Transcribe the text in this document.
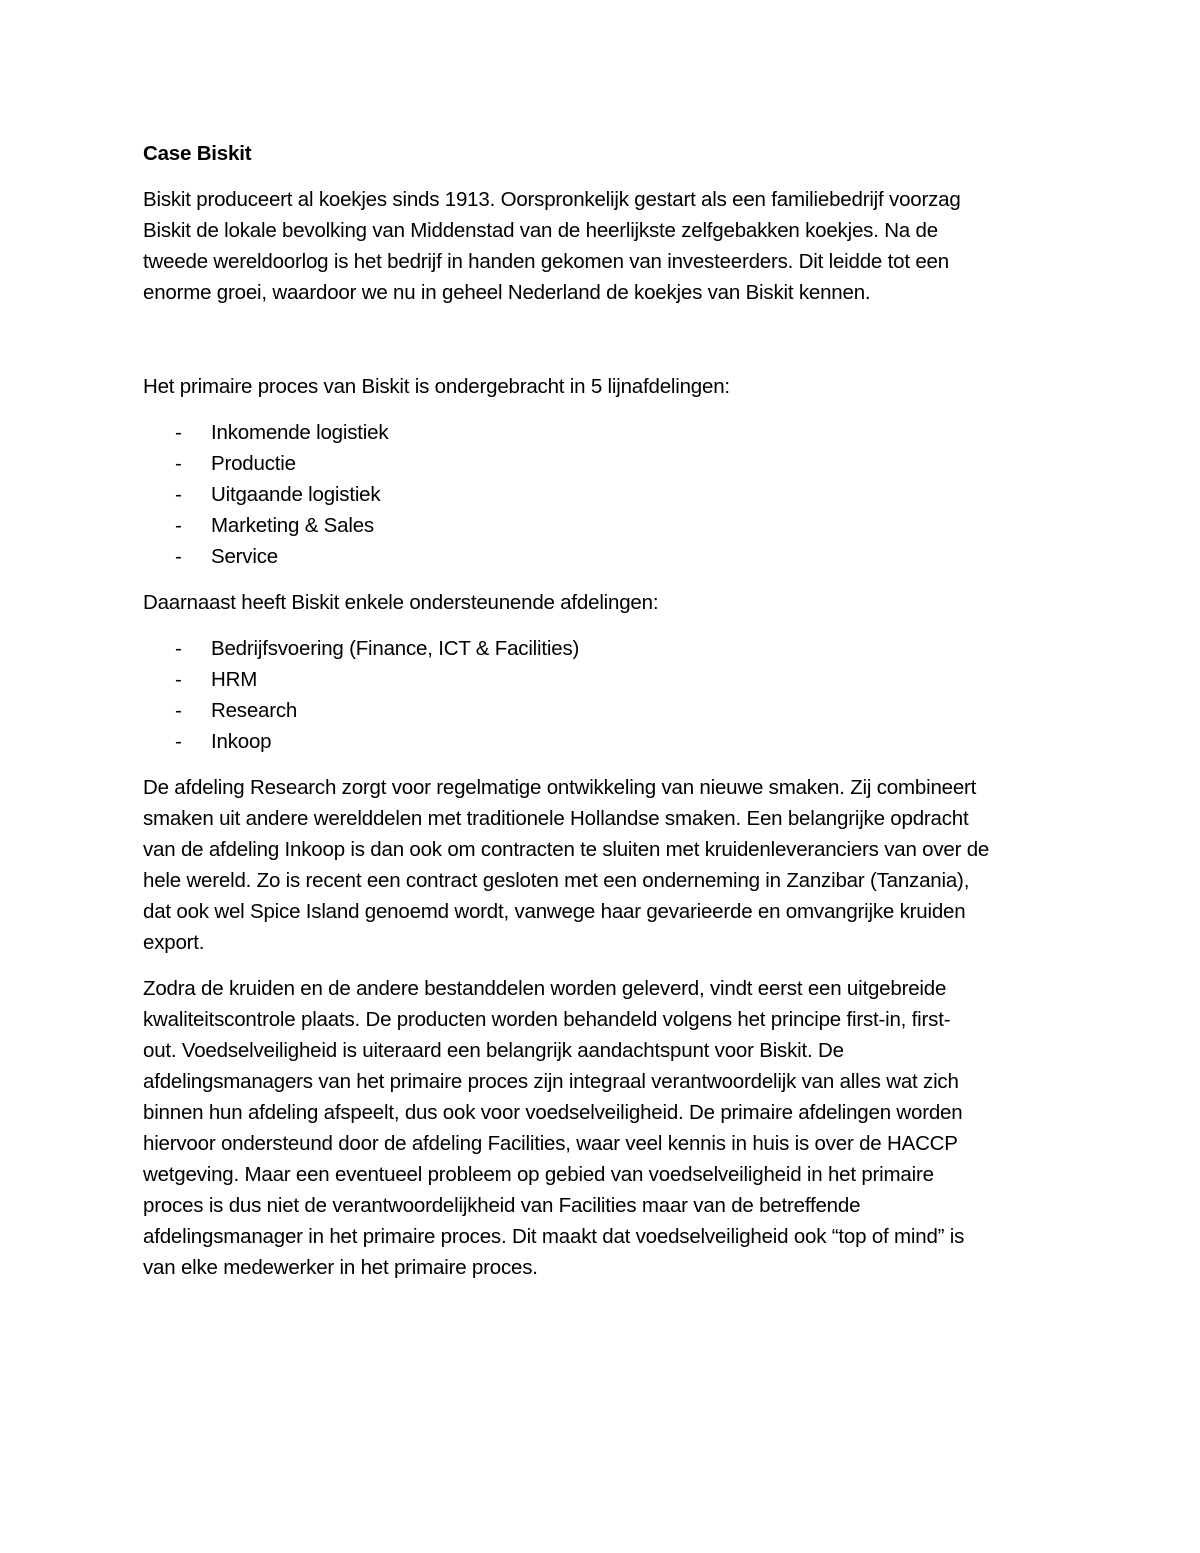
Case Biskit
Biskit produceert al koekjes sinds 1913. Oorspronkelijk gestart als een familiebedrijf voorzag
Biskit de lokale bevolking van Middenstad van de heerlijkste zelfgebakken koekjes. Na de
tweede wereldoorlog is het bedrijf in handen gekomen van investeerders. Dit leidde tot een
enorme groei, waardoor we nu in geheel Nederland de koekjes van Biskit kennen.
Het primaire proces van Biskit is ondergebracht in 5 lijnafdelingen:
- Inkomende logistiek
- Productie
- Uitgaande logistiek
- Marketing & Sales
- Service
Daarnaast heeft Biskit enkele ondersteunende afdelingen:
- Bedrijfsvoering (Finance, ICT & Facilities)
- HRM
- Research
- Inkoop
De afdeling Research zorgt voor regelmatige ontwikkeling van nieuwe smaken. Zij combineert
smaken uit andere werelddelen met traditionele Hollandse smaken. Een belangrijke opdracht
van de afdeling Inkoop is dan ook om contracten te sluiten met kruidenleveranciers van over de
hele wereld. Zo is recent een contract gesloten met een onderneming in Zanzibar (Tanzania),
dat ook wel Spice Island genoemd wordt, vanwege haar gevarieerde en omvangrijke kruiden
export.
Zodra de kruiden en de andere bestanddelen worden geleverd, vindt eerst een uitgebreide
kwaliteitscontrole plaats. De producten worden behandeld volgens het principe first-in, first-
out. Voedselveiligheid is uiteraard een belangrijk aandachtspunt voor Biskit. De
afdelingsmanagers van het primaire proces zijn integraal verantwoordelijk van alles wat zich
binnen hun afdeling afspeelt, dus ook voor voedselveiligheid. De primaire afdelingen worden
hiervoor ondersteund door de afdeling Facilities, waar veel kennis in huis is over de HACCP
wetgeving. Maar een eventueel probleem op gebied van voedselveiligheid in het primaire
proces is dus niet de verantwoordelijkheid van Facilities maar van de betreffende
afdelingsmanager in het primaire proces. Dit maakt dat voedselveiligheid ook “top of mind” is
van elke medewerker in het primaire proces.
